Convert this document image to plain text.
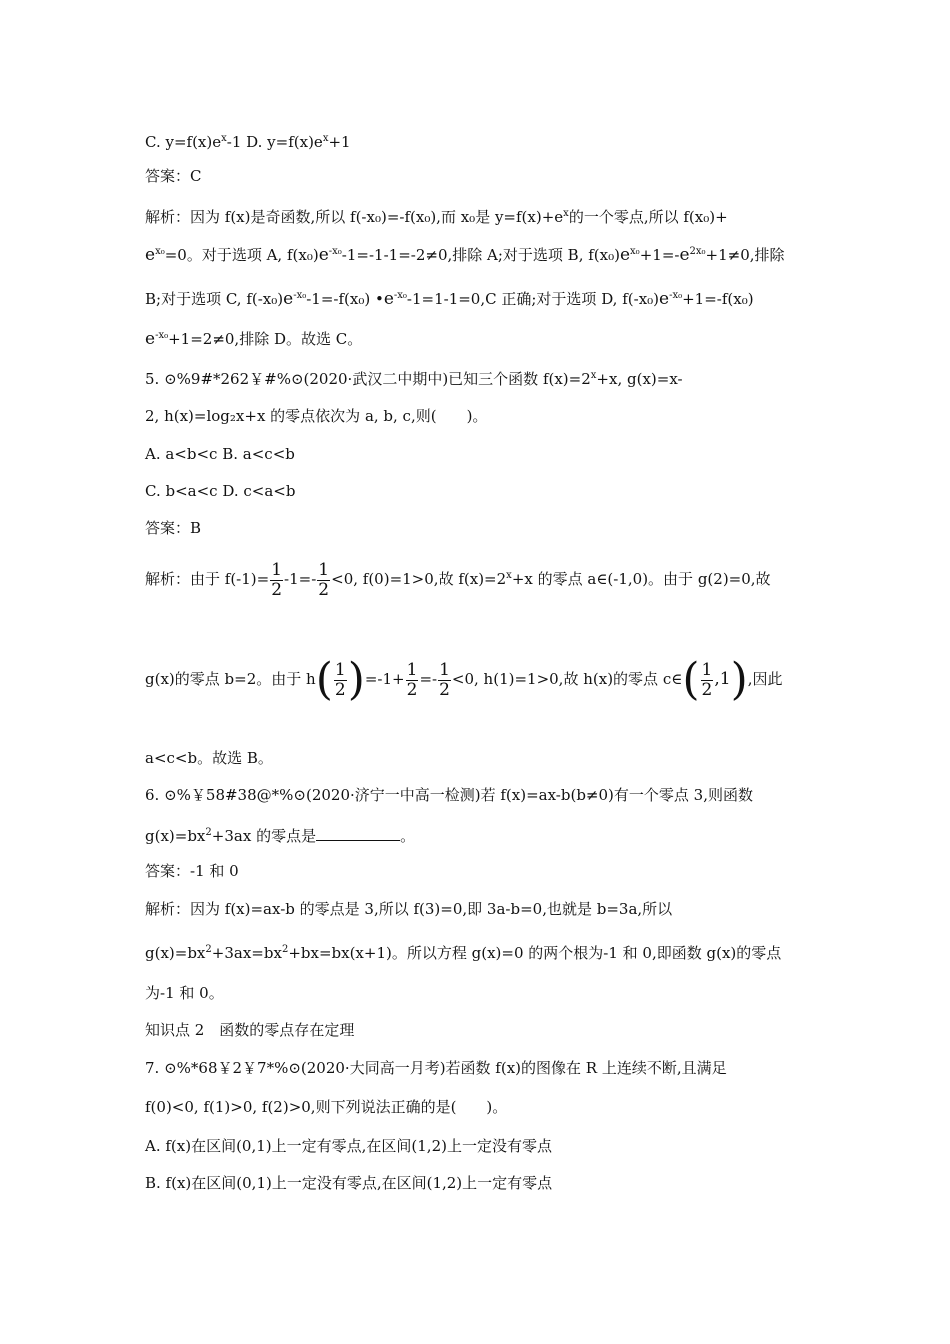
C. $y=f(x)e^x-1$ D. $y=f(x)e^x+1$
答案：C
解析：因为 f(x)是奇函数,所以 f(-x₀)=-f(x₀),而 x₀是 $y=f(x)+e^x$的一个零点,所以 f(x₀)+
$e^{x_0}=0$。对于选项 A, $f(x_0)e^{-x_0}-1=-1-1=-2\ne 0$,排除 A;对于选项 B, $f(x_0)e^{x_0}+1=-e^{2x_0}+1\ne 0$,排除
B;对于选项 C, $f(-x_0)e^{-x_0}-1=-f(x_0)$ $•e^{-x_0}-1=1-1=0,C$ 正确;对于选项 D, $f(-x_0)e^{-x_0}+1=-f(x_0)$
$e^{-x_0}+1=2\ne 0$,排除 D。故选 C。
5. ⊙%9#*262￥#%⊙(2020·武汉二中期中)已知三个函数 $f(x)=2^x+x$, g(x)=x-
2, h(x)=log₂x+x 的零点依次为 a, b, c,则(　　)。
A. a<b<c B. a<c<b
C. b<a<c D. c<a<b
答案：B
解析：由于 $f(-1)= \frac{1}{2} -1=- \frac{1}{2} <0$, f(0)=1>0,故 $f(x)=2^x+x$ 的零点 a∈(-1,0)。由于 g(2)=0,故
g(x)的零点 b=2。由于 $h( \frac{1}{2} )=-1+ \frac{1}{2} =- \frac{1}{2} <0$, h(1)=1>0,故 h(x)的零点 c∈( $\frac{1}{2} ,1$),因此
a<c<b。故选 B。
6. ⊙%￥58#38@*%⊙(2020·济宁一中高一检测)若 f(x)=ax-b(b≠0)有一个零点 3,则函数
$g(x)=bx^2+3ax$ 的零点是	。
答案：-1 和 0
解析：因为 f(x)=ax-b 的零点是 3,所以 f(3)=0,即 3a-b=0,也就是 b=3a,所以
$g(x)=bx^2+3ax=bx^2+bx=bx(x+1)$。所以方程 g(x)=0 的两个根为-1 和 0,即函数 g(x)的零点
为-1 和 0。
知识点 2　函数的零点存在定理
7. ⊙%*68￥2￥7*%⊙(2020·大同高一月考)若函数 f(x)的图像在 R 上连续不断,且满足
f(0)<0, f(1)>0, f(2)>0,则下列说法正确的是(　　)。
A. f(x)在区间(0,1)上一定有零点,在区间(1,2)上一定没有零点
B. f(x)在区间(0,1)上一定没有零点,在区间(1,2)上一定有零点
